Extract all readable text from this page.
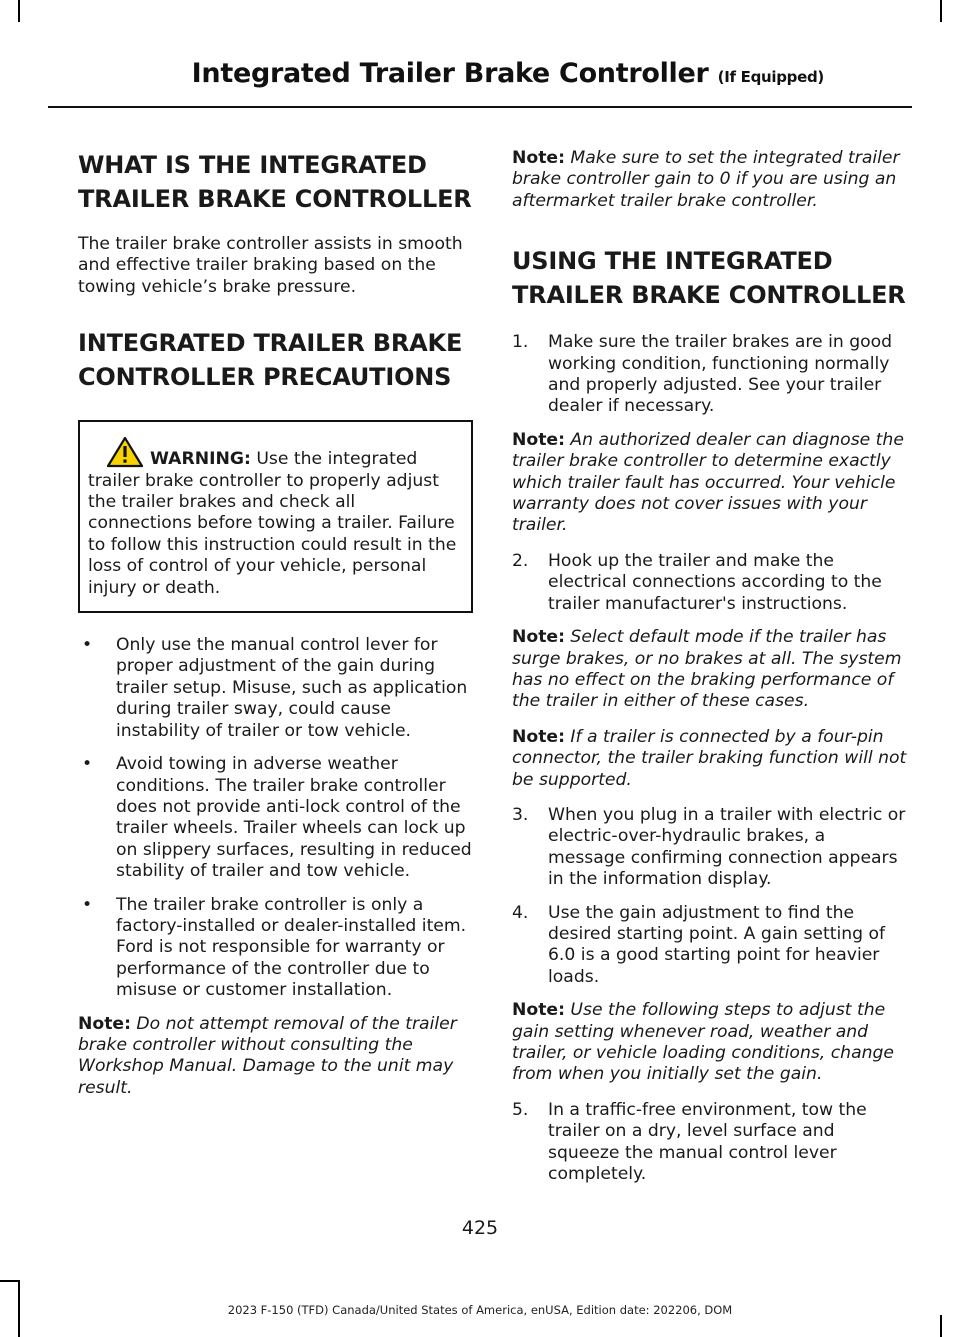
Integrated Trailer Brake Controller (If Equipped)
WHAT IS THE INTEGRATED
TRAILER BRAKE CONTROLLER

The trailer brake controller assists in smooth and effective trailer braking based on the towing vehicle’s brake pressure.

INTEGRATED TRAILER BRAKE
CONTROLLER PRECAUTIONS
WARNING: Use the integrated trailer brake controller to properly adjust the trailer brakes and check all connections before towing a trailer. Failure to follow this instruction could result in the loss of control of your vehicle, personal injury or death.
• Only use the manual control lever for proper adjustment of the gain during trailer setup. Misuse, such as application during trailer sway, could cause instability of trailer or tow vehicle.
• Avoid towing in adverse weather conditions. The trailer brake controller does not provide anti-lock control of the trailer wheels. Trailer wheels can lock up on slippery surfaces, resulting in reduced stability of trailer and tow vehicle.
• The trailer brake controller is only a factory-installed or dealer-installed item. Ford is not responsible for warranty or performance of the controller due to misuse or customer installation.

Note: Do not attempt removal of the trailer brake controller without consulting the Workshop Manual. Damage to the unit may result.

Note: Make sure to set the integrated trailer brake controller gain to 0 if you are using an aftermarket trailer brake controller.

USING THE INTEGRATED
TRAILER BRAKE CONTROLLER
1. Make sure the trailer brakes are in good working condition, functioning normally and properly adjusted. See your trailer dealer if necessary.

Note: An authorized dealer can diagnose the trailer brake controller to determine exactly which trailer fault has occurred. Your vehicle warranty does not cover issues with your trailer.

2. Hook up the trailer and make the electrical connections according to the trailer manufacturer's instructions.

Note: Select default mode if the trailer has surge brakes, or no brakes at all. The system has no effect on the braking performance of the trailer in either of these cases.

Note: If a trailer is connected by a four-pin connector, the trailer braking function will not be supported.

3. When you plug in a trailer with electric or electric-over-hydraulic brakes, a message confirming connection appears in the information display.
4. Use the gain adjustment to find the desired starting point. A gain setting of 6.0 is a good starting point for heavier loads.

Note: Use the following steps to adjust the gain setting whenever road, weather and trailer, or vehicle loading conditions, change from when you initially set the gain.

5. In a traffic-free environment, tow the trailer on a dry, level surface and squeeze the manual control lever completely.
425
2023 F-150 (TFD) Canada/United States of America, enUSA, Edition date: 202206, DOM
